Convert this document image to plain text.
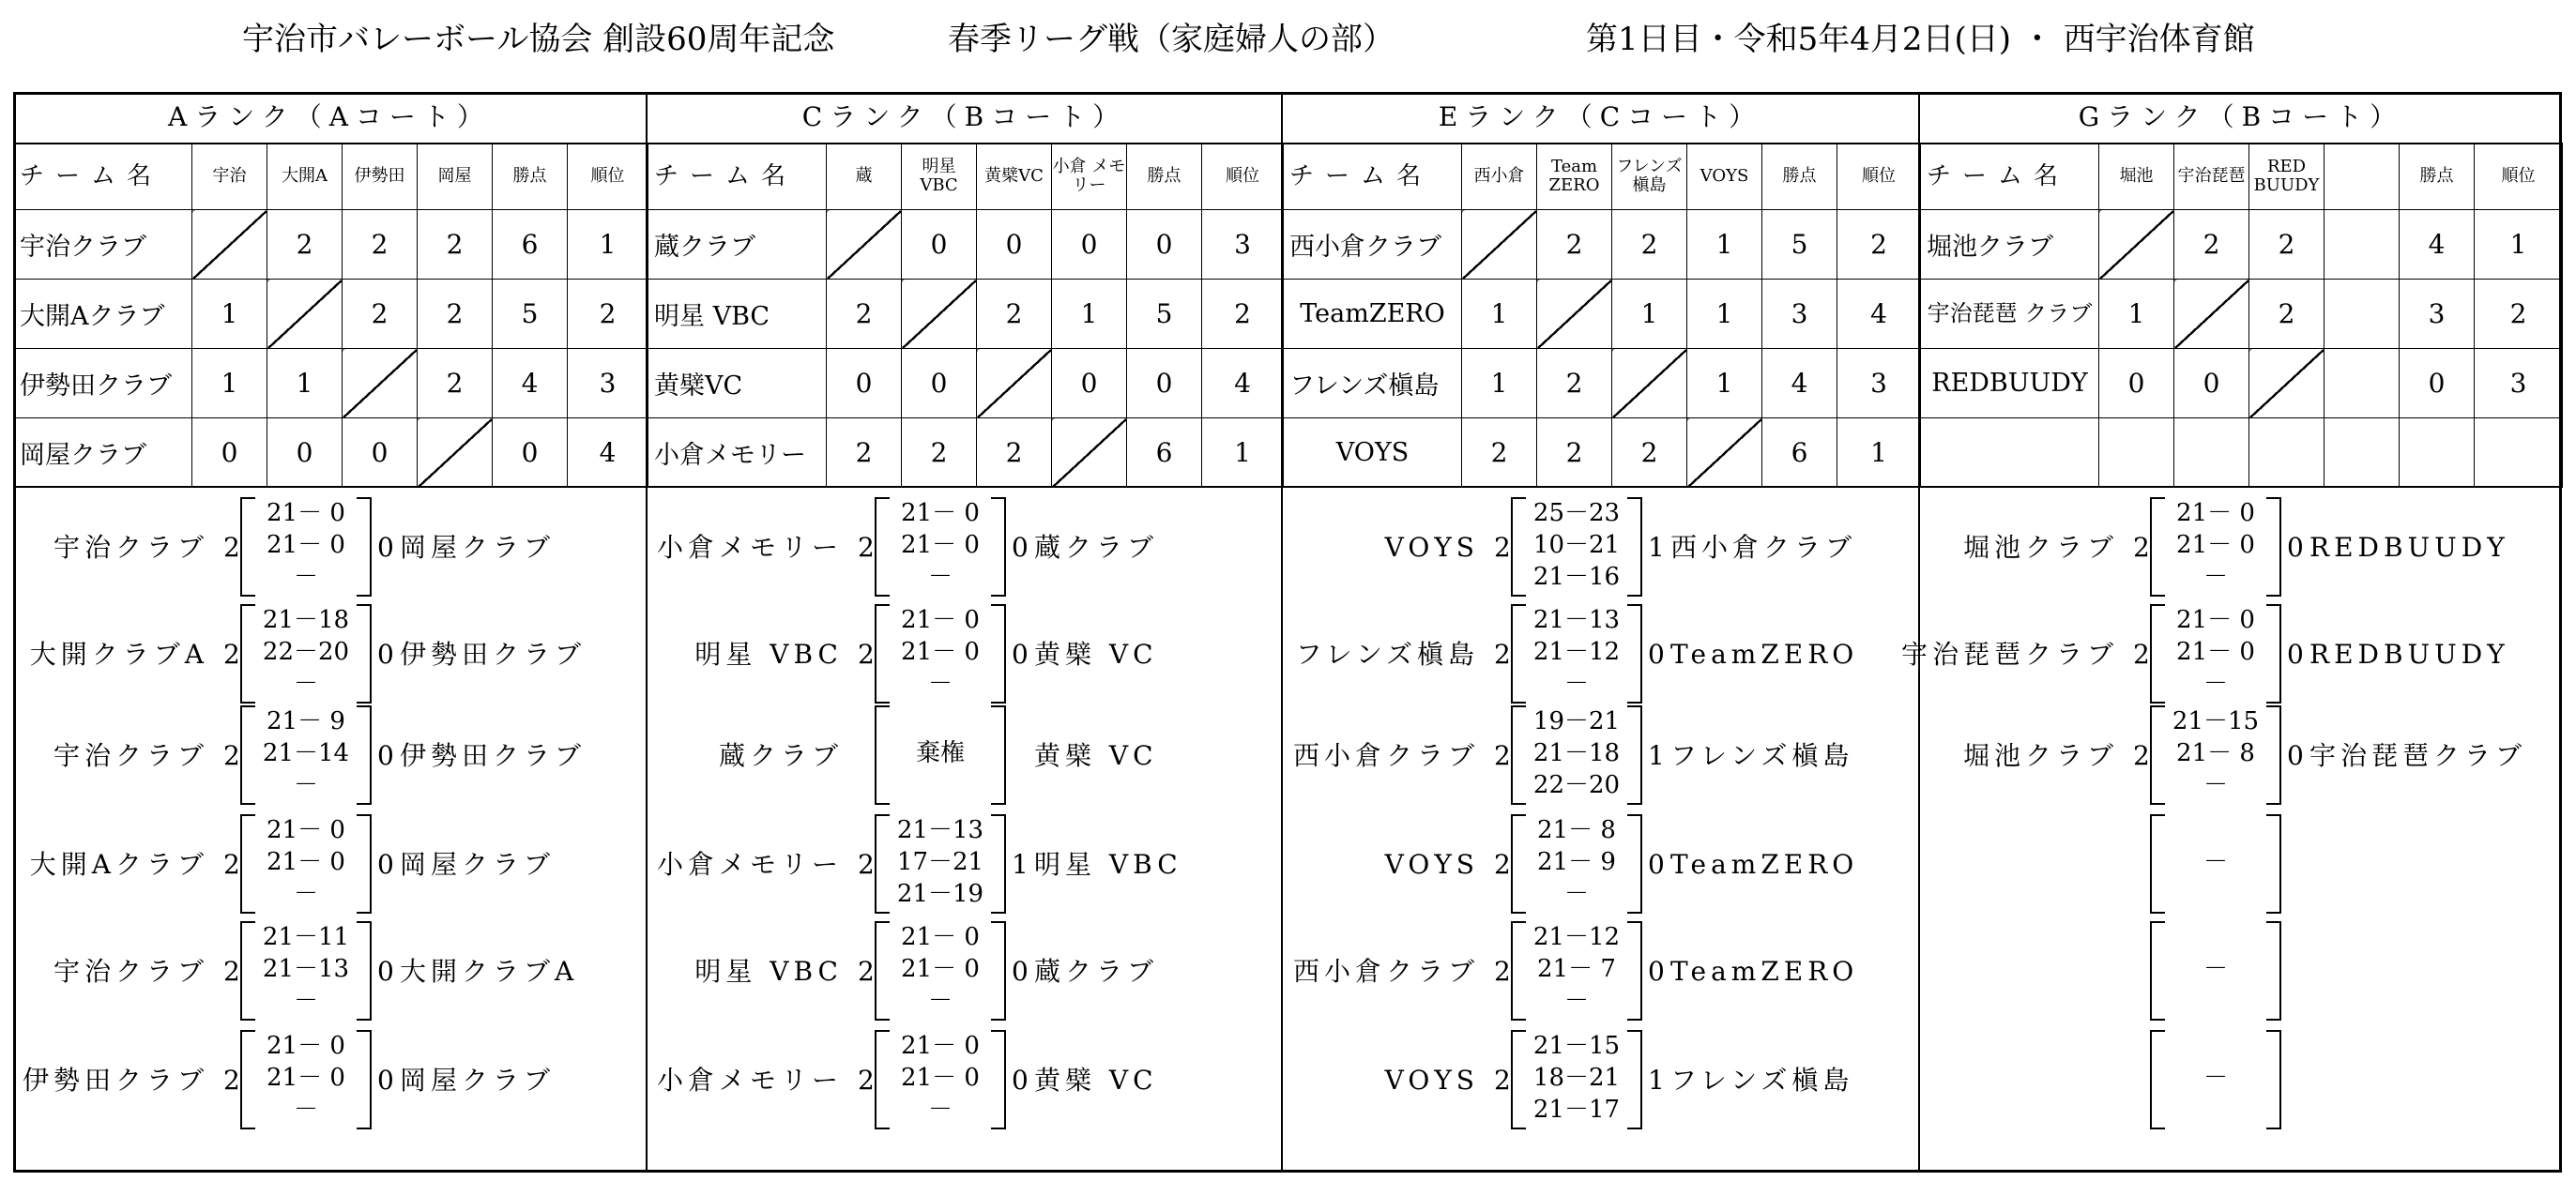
宇治市バレーボール協会 創設60周年記念	春季リーグ戦（家庭婦人の部）	第1日目・令和5年4月2日(日) ・ 西宇治体育館
Aランク（Aコート）
チーム名	宇治	大開A	伊勢田	岡屋	勝点	順位
宇治クラブ		2	2	2	6	1
大開Aクラブ	1		2	2	5	2
伊勢田クラブ	1	1		2	4	3
岡屋クラブ	0	0	0		0	4
宇治クラブ 2
21－ 0
21－ 0
－
0 岡屋クラブ
大開クラブA 2
21－18
22－20
－
0 伊勢田クラブ
宇治クラブ 2
21－ 9
21－14
－
0 伊勢田クラブ
大開Aクラブ 2
21－ 0
21－ 0
－
0 岡屋クラブ
宇治クラブ 2
21－11
21－13
－
0 大開クラブA
伊勢田クラブ 2
21－ 0
21－ 0
－
0 岡屋クラブ
Cランク（Bコート）
チーム名	蔵	明星 VBC	黄檗VC	小倉 メモリー	勝点	順位
蔵クラブ		0	0	0	0	3
明星 VBC	2		2	1	5	2
黄檗VC	0	0		0	0	4
小倉メモリー	2	2	2		6	1
小倉メモリー 2
21－ 0
21－ 0
－
0 蔵クラブ
明星 VBC 2
21－ 0
21－ 0
－
0 黄檗 VC
蔵クラブ	棄権	黄檗 VC
小倉メモリー 2
21－13
17－21
21－19
1 明星 VBC
明星 VBC 2
21－ 0
21－ 0
－
0 蔵クラブ
小倉メモリー 2
21－ 0
21－ 0
－
0 黄檗 VC
Eランク（Cコート）
チーム名	西小倉	Team ZERO	フレンズ 槇島	VOYS	勝点	順位
西小倉クラブ		2	2	1	5	2
TeamZERO	1		1	1	3	4
フレンズ槇島	1	2		1	4	3
VOYS	2	2	2		6	1
VOYS 2
25－23
10－21
21－16
1 西小倉クラブ
フレンズ槇島 2
21－13
21－12
－
0 TeamZERO
西小倉クラブ 2
19－21
21－18
22－20
1 フレンズ槇島
VOYS 2
21－ 8
21－ 9
－
0 TeamZERO
西小倉クラブ 2
21－12
21－ 7
－
0 TeamZERO
VOYS 2
21－15
18－21
21－17
1 フレンズ槇島
Gランク（Bコート）
チーム名	堀池	宇治琵琶	RED BUUDY		勝点	順位
堀池クラブ		2	2		4	1
宇治琵琶 クラブ	1		2		3	2
REDBUUDY	0	0			0	3

堀池クラブ 2
21－ 0
21－ 0
－
0 REDBUUDY
宇治琵琶クラブ 2
21－ 0
21－ 0
－
0 REDBUUDY
堀池クラブ 2
21－15
21－ 8
－
0 宇治琵琶クラブ
－
－
－
